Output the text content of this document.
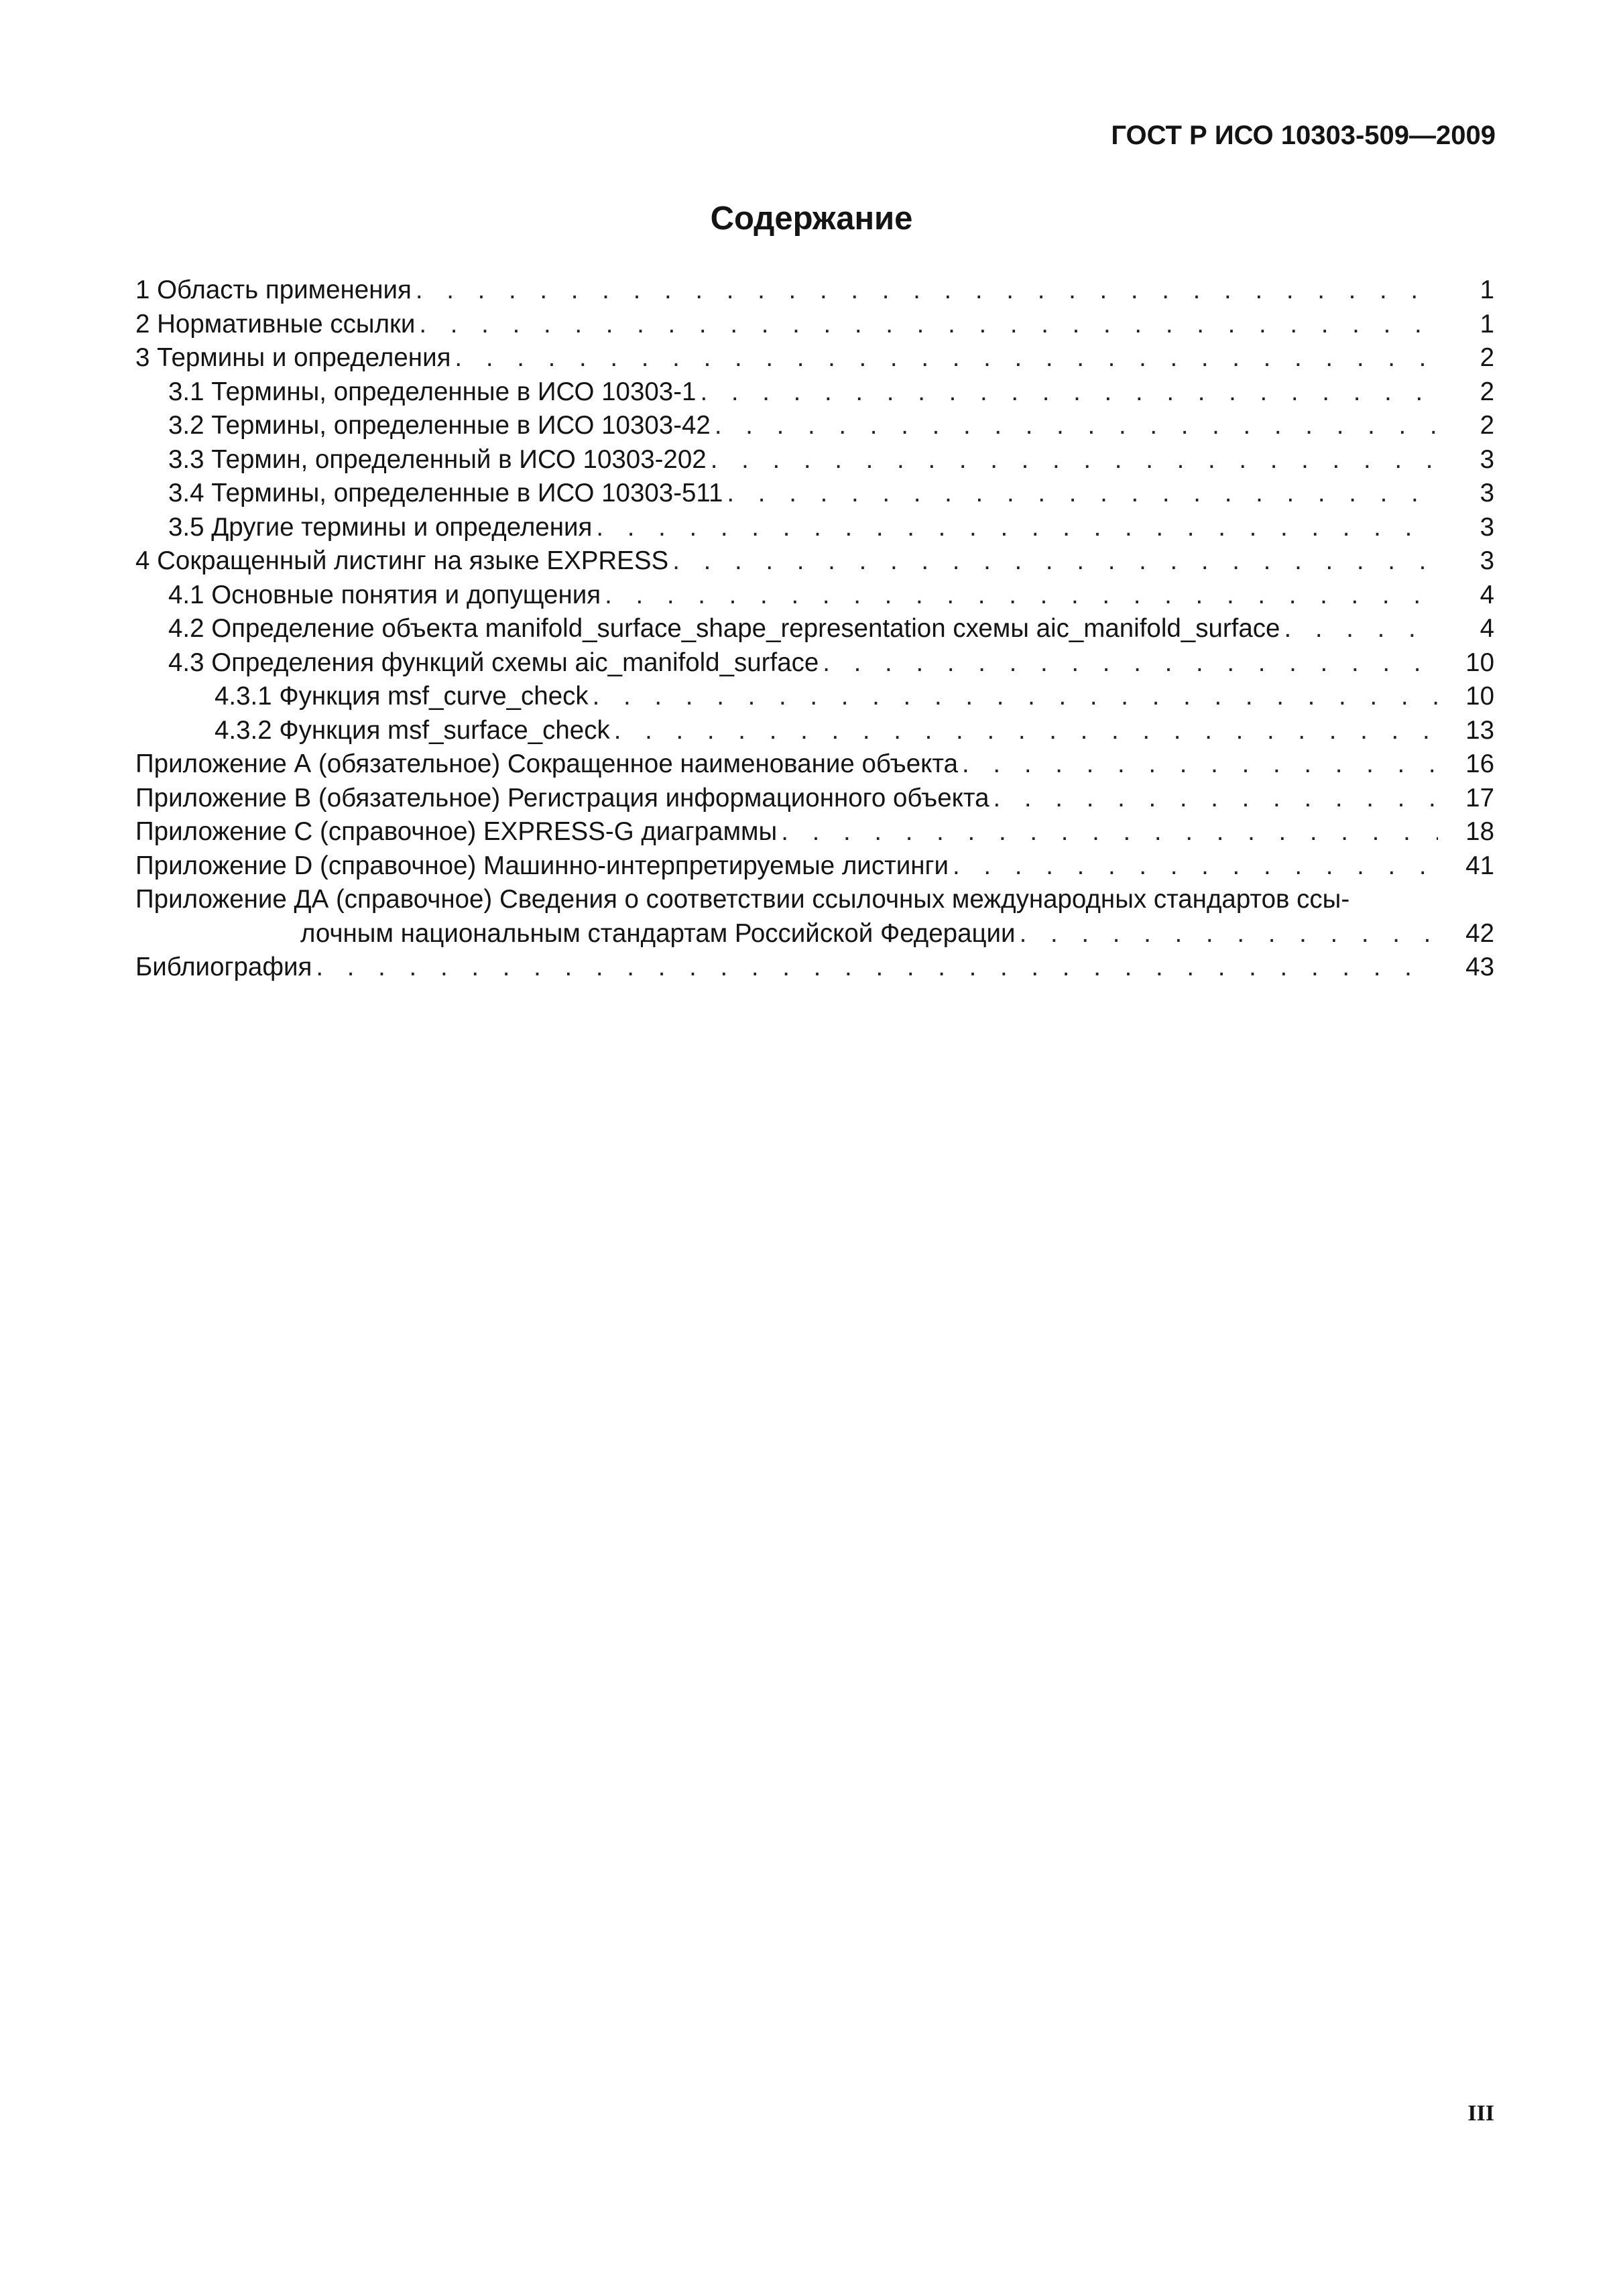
ГОСТ Р ИСО 10303-509—2009
Содержание
1 Область применения . . .	1
2 Нормативные ссылки . . .	1
3 Термины и определения . . .	2
3.1 Термины, определенные в ИСО 10303-1 . . .	2
3.2 Термины, определенные в ИСО 10303-42 . . .	2
3.3 Термин, определенный в ИСО 10303-202 . . .	3
3.4 Термины, определенные в ИСО 10303-511 . . .	3
3.5 Другие термины и определения . . .	3
4 Сокращенный листинг на языке EXPRESS . . .	3
4.1 Основные понятия и допущения . . .	4
4.2 Определение объекта manifold_surface_shape_representation схемы aic_manifold_surface . . .	4
4.3 Определения функций схемы aic_manifold_surface . . .	10
4.3.1 Функция msf_curve_check . . .	10
4.3.2 Функция msf_surface_check . . .	13
Приложение А (обязательное) Сокращенное наименование объекта . . .	16
Приложение В (обязательное) Регистрация информационного объекта . . .	17
Приложение С (справочное) EXPRESS-G диаграммы . . .	18
Приложение D (справочное) Машинно-интерпретируемые листинги . . .	41
Приложение ДА (справочное) Сведения о соответствии ссылочных международных стандартов ссы-
лочным национальным стандартам Российской Федерации . . .	42
Библиография . . .	43
III
